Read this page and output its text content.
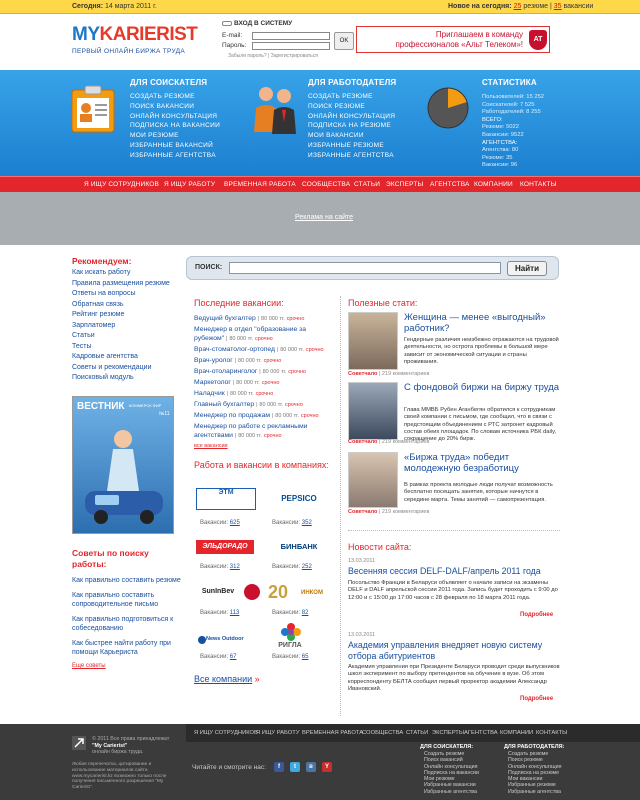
Сегодня: 14 марта 2011 г.	Новое на сегодня: 25 резюме | 35 вакансии
MYKARIERIST
ПЕРВЫЙ ОНЛАЙН БИРЖА ТРУДА
ВХОД В СИСТЕМУ
E-mail:
Пароль:
OK
Забыли пароль? | Зарегистрироваться
Приглашаем в команду
профессионалов «Альт Телеком»!
AT
ДЛЯ СОИСКАТЕЛЯ
СОЗДАТЬ РЕЗЮМЕ
ПОИСК ВАКАНСИИ
ОНЛАЙН КОНСУЛЬТАЦИЯ
ПОДПИСКА НА ВАКАНСИИ
МОИ РЕЗЮМЕ
ИЗБРАННЫЕ ВАКАНСИЙ
ИЗБРАННЫЕ АГЕНТСТВА
ДЛЯ РАБОТОДАТЕЛЯ
СОЗДАТЬ РЕЗЮМЕ
ПОИСК РЕЗЮМЕ
ОНЛАЙН КОНСУЛЬТАЦИЯ
ПОДПИСКА НА РЕЗЮМЕ
МОИ ВАКАНСИИ
ИЗБРАННЫЕ РЕЗЮМЕ
ИЗБРАННЫЕ АГЕНТСТВА
СТАТИСТИКА
Пользователей: 15 252
Соискателей: 7 525
Работодателей: 8 255
ВСЕГО:
Резюме: 5022
Вакансии: 9522
АГЕНТСТВА:
Агентства: 80
Резюме: 35
Вакансии: 96
Я ИЩУ СОТРУДНИКОВ Я ИЩУ РАБОТУ ВРЕМЕННАЯ РАБОТА СООБЩЕСТВА СТАТЬИ ЭКСПЕРТЫ АГЕНТСТВА КОМПАНИИ КОНТАКТЫ
Реклама на сайте
Рекомендуем:
Как искать работу
Правила размещения резюме
Ответы на вопросы
Обратная связь
Рейтинг резюме
Зарплатомер
Статьи
Тесты
Кадровые агентства
Советы и рекомендации
Поисковый модуль
ВЕСТНИК КОММЕРСК ФИР
№11
Советы по поиску работы:
Как правильно составить резюме
Как правильно составить сопроводительное письмо
Как правильно подготовиться к собеседованию
Как быстрее найти работу при помощи Карьериста
Еще советы
ПОИСК:	Найти
Последние вакансии:
Ведущий бухгалтер | 80 000 тг. срочно
Менеджер в отдел "образование за рубежом" | 80 000 тг. срочно
Врач-стоматолог-ортопед | 80 000 тг. срочно
Врач-уролог | 80 000 тг. срочно
Врач-отоларинголог | 80 000 тг. срочно
Маркетолог | 80 000 тг. срочно
Наладчик | 80 000 тг. срочно
Главный бухгалтер | 80 000 тг. срочно
Менеджер по продажам | 80 000 тг. срочно
Менеджер по работе с рекламными агентствами | 80 000 тг. срочно
все вакансии
Работа и вакансии в компаниях:
ЭТМ
Вакансии: 625
PEPSICO
Вакансии: 352
ЭЛЬДОРАДО
Вакансии: 312
БИНБАНК
Вакансии: 252
SunInBev
Вакансии: 113
20	ИНКОМ
Вакансии: 82
News Outdoor
Вакансии: 67
РИГЛА
Вакансии: 65
Все компании »
Полезные стати:
Женщина — менее «выгодный» работник?
Гендерные различия неизбежно отражаются на трудовой деятельности, но острота проблемы в большой мере зависит от экономической ситуации и страны проживания.
Советчало | 219 комментариев
С фондовой биржи на биржу труда
Глава ММВБ Рубен Аганбегян обратился к сотрудникам своей компании с письмом, где сообщил, что в связи с предстоящим объединением с РТС затронет кадровый состав обеих площадок. По словам источника РБК daily, сокращение до 20% бирж.
Советчало | 219 комментариев
«Биржа труда» победит молодежную безработицу
В рамках проекта молодые люди получат возможность бесплатно посещать занятия, которые начнутся в середине марта. Темы занятий — самопрезентация.
Советчало | 219 комментариев
Новости сайта:
13.03.2011
Весенняя сессия DELF-DALF/апрель 2011 года
Посольство Франции в Беларуси объявляет о начале записи на экзамены DELF и DALF апрельской сессии 2011 года. Запись будет проходить с 9:00 до 12:00 и с 15:00 до 17:00 часов с 28 февраля по 18 марта 2011 года.
Подробнее
13.03.2011
Академия управления внедряет новую систему отбора абитуриентов
Академия управления при Президенте Беларуси проводит среди выпускников школ эксперимент по выбору претендентов на обучение в вузе. Об этом корреспонденту БЕЛТА сообщил первый проректор академии Александр Ивановский.
Подробнее
Я ИЩУ СОТРУДНИКОВ
Я ИЩУ РАБОТУ ВРЕМЕННАЯ РАБОТА
СООБЩЕСТВА СТАТЬИ ЭКСПЕРТЫ АГЕНТСТВА КОМПАНИИ КОНТАКТЫ
© 2011 Все права принадлежат
"My Carierist"
онлайн биржа труда.
Любая перепечатка, цитирование и использование материалов сайта www.mycarierist.kz возможно только после получения письменного разрешения "My Carierist".
Читайте и смотрите нас:	f	t	в	Y
ДЛЯ СОИСКАТЕЛЯ:
Создать резюме
Поиск вакансий
Онлайн консультация
Подписка на вакансии
Мои резюме
Избранные вакансии
Избранные агентства
ДЛЯ РАБОТОДАТЕЛЯ:
Создать резюме
Поиск резюме
Онлайн консультация
Подписка на резюме
Мои вакансии
Избранные резюме
Избранные агентства
